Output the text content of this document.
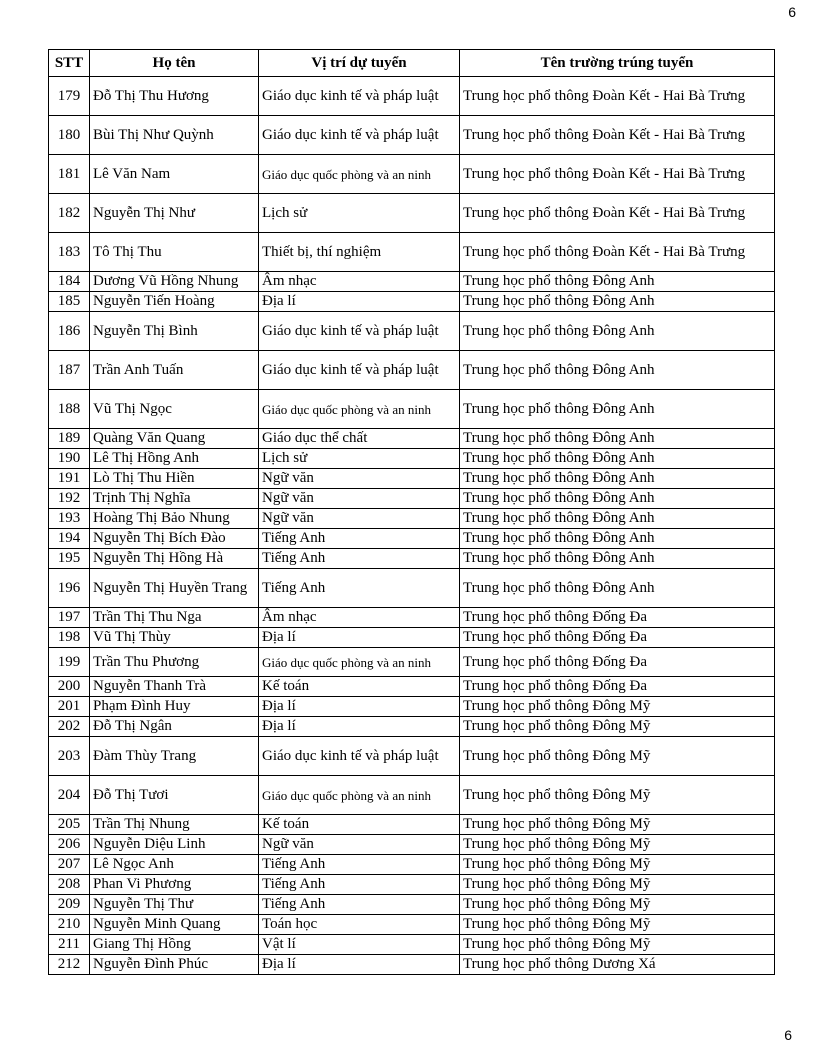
6
STT	Họ tên	Vị trí dự tuyển	Tên trường trúng tuyển
179	Đỗ Thị Thu Hương	Giáo dục kinh tế và pháp luật	Trung học phổ thông Đoàn Kết - Hai Bà Trưng
180	Bùi Thị Như Quỳnh	Giáo dục kinh tế và pháp luật	Trung học phổ thông Đoàn Kết - Hai Bà Trưng
181	Lê Văn Nam	Giáo dục quốc phòng và an ninh	Trung học phổ thông Đoàn Kết - Hai Bà Trưng
182	Nguyễn Thị Như	Lịch sử	Trung học phổ thông Đoàn Kết - Hai Bà Trưng
183	Tô Thị Thu	Thiết bị, thí nghiệm	Trung học phổ thông Đoàn Kết - Hai Bà Trưng
184	Dương Vũ Hồng Nhung	Âm nhạc	Trung học phổ thông Đông Anh
185	Nguyễn Tiến Hoàng	Địa lí	Trung học phổ thông Đông Anh
186	Nguyễn Thị Bình	Giáo dục kinh tế và pháp luật	Trung học phổ thông Đông Anh
187	Trần Anh Tuấn	Giáo dục kinh tế và pháp luật	Trung học phổ thông Đông Anh
188	Vũ Thị Ngọc	Giáo dục quốc phòng và an ninh	Trung học phổ thông Đông Anh
189	Quàng Văn Quang	Giáo dục thể chất	Trung học phổ thông Đông Anh
190	Lê Thị Hồng Anh	Lịch sử	Trung học phổ thông Đông Anh
191	Lò Thị Thu Hiền	Ngữ văn	Trung học phổ thông Đông Anh
192	Trịnh Thị Nghĩa	Ngữ văn	Trung học phổ thông Đông Anh
193	Hoàng Thị Bảo Nhung	Ngữ văn	Trung học phổ thông Đông Anh
194	Nguyễn Thị Bích Đào	Tiếng Anh	Trung học phổ thông Đông Anh
195	Nguyễn Thị Hồng Hà	Tiếng Anh	Trung học phổ thông Đông Anh
196	Nguyễn Thị Huyền Trang	Tiếng Anh	Trung học phổ thông Đông Anh
197	Trần Thị Thu Nga	Âm nhạc	Trung học phổ thông Đống Đa
198	Vũ Thị Thùy	Địa lí	Trung học phổ thông Đống Đa
199	Trần Thu Phương	Giáo dục quốc phòng và an ninh	Trung học phổ thông Đống Đa
200	Nguyễn Thanh Trà	Kế toán	Trung học phổ thông Đống Đa
201	Phạm Đình Huy	Địa lí	Trung học phổ thông Đông Mỹ
202	Đỗ Thị Ngân	Địa lí	Trung học phổ thông Đông Mỹ
203	Đàm Thùy Trang	Giáo dục kinh tế và pháp luật	Trung học phổ thông Đông Mỹ
204	Đỗ Thị Tươi	Giáo dục quốc phòng và an ninh	Trung học phổ thông Đông Mỹ
205	Trần Thị Nhung	Kế toán	Trung học phổ thông Đông Mỹ
206	Nguyễn Diệu Linh	Ngữ văn	Trung học phổ thông Đông Mỹ
207	Lê Ngọc Anh	Tiếng Anh	Trung học phổ thông Đông Mỹ
208	Phan Vi Phương	Tiếng Anh	Trung học phổ thông Đông Mỹ
209	Nguyễn Thị Thư	Tiếng Anh	Trung học phổ thông Đông Mỹ
210	Nguyễn Minh Quang	Toán học	Trung học phổ thông Đông Mỹ
211	Giang Thị Hồng	Vật lí	Trung học phổ thông Đông Mỹ
212	Nguyễn Đình Phúc	Địa lí	Trung học phổ thông Dương Xá
6
